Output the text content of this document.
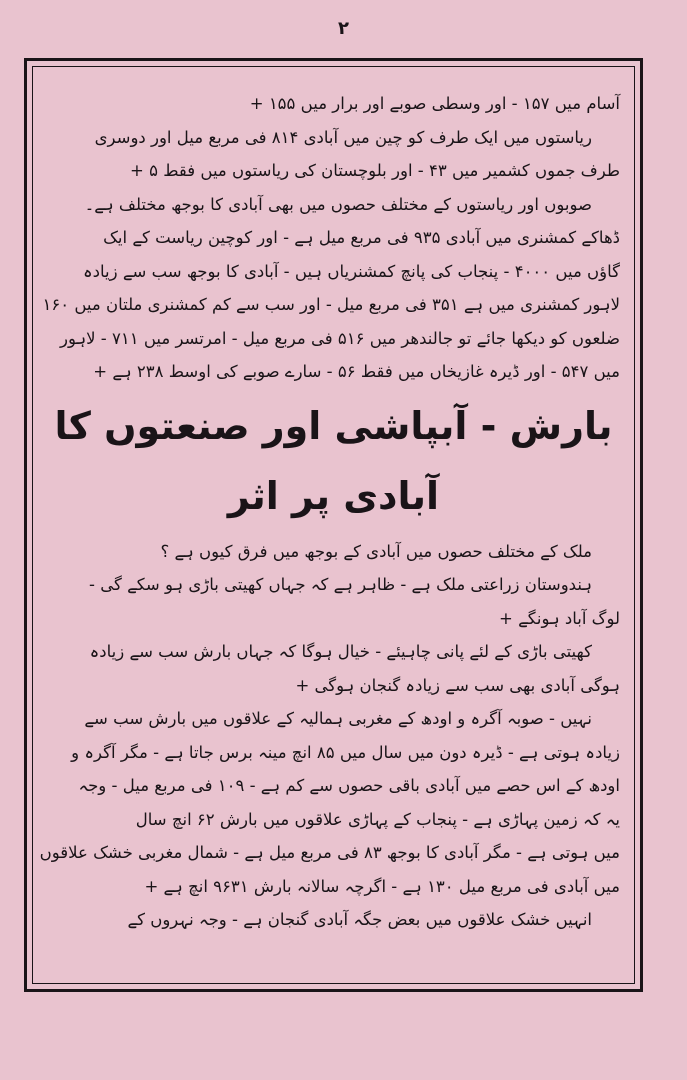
۲

آسام میں ۱۵۷ - اور وسطی صوبے اور برار میں ۱۵۵ +

ریاستوں میں ایک طرف کو چین میں آبادی ۸۱۴ فی مربع میل اور دوسری

طرف جموں کشمیر میں ۴۳ - اور بلوچستان کی ریاستوں میں فقط ۵ +

صوبوں اور ریاستوں کے مختلف حصوں میں بھی آبادی کا بوجھ مختلف ہے۔

ڈھاکے کمشنری میں آبادی ۹۳۵ فی مربع میل ہے - اور کوچین ریاست کے ایک

گاؤں میں ۴۰۰۰ - پنجاب کی پانچ کمشنریاں ہیں - آبادی کا بوجھ سب سے زیادہ

لاہور کمشنری میں ہے ۳۵۱ فی مربع میل - اور سب سے کم کمشنری ملتان میں ۱۶۰

ضلعوں کو دیکھا جائے تو جالندھر میں ۵۱۶ فی مربع میل - امرتسر میں ۷۱۱ - لاہور

میں ۵۴۷ - اور ڈیرہ غازیخاں میں فقط ۵۶ - سارے صوبے کی اوسط ۲۳۸ ہے +

بارش - آبپاشی اور صنعتوں کا آبادی پر اثر

ملک کے مختلف حصوں میں آبادی کے بوجھ میں فرق کیوں ہے ؟

ہندوستان زراعتی ملک ہے - ظاہر ہے کہ جہاں کھیتی باڑی ہو سکے گی -

لوگ آباد ہونگے +

کھیتی باڑی کے لئے پانی چاہیئے - خیال ہوگا کہ جہاں بارش سب سے زیادہ

ہوگی آبادی بھی سب سے زیادہ گنجان ہوگی +

نہیں - صوبہ آگرہ و اودھ کے مغربی ہمالیہ کے علاقوں میں بارش سب سے

زیادہ ہوتی ہے - ڈیرہ دون میں سال میں ۸۵ انچ مینہ برس جاتا ہے - مگر آگرہ و

اودھ کے اس حصے میں آبادی باقی حصوں سے کم ہے - ۱۰۹ فی مربع میل - وجہ

یہ کہ زمین پہاڑی ہے - پنجاب کے پہاڑی علاقوں میں بارش ۶۲ انچ سال

میں ہوتی ہے - مگر آبادی کا بوجھ ۸۳ فی مربع میل ہے - شمال مغربی خشک علاقوں

میں آبادی فی مربع میل ۱۳۰ ہے - اگرچہ سالانہ بارش ۹۶۳۱ انچ ہے +

انہیں خشک علاقوں میں بعض جگہ آبادی گنجان ہے - وجہ نہروں کے
